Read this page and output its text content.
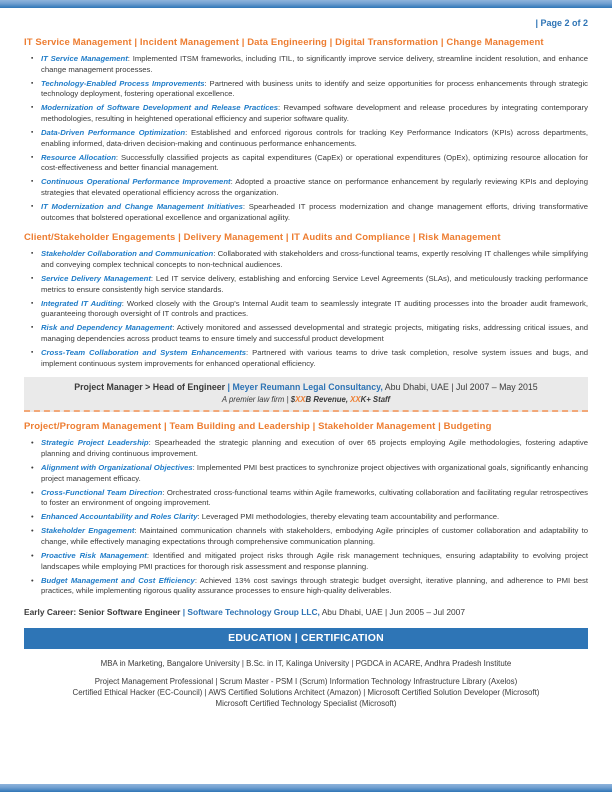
| Page 2 of 2
IT Service Management | Incident Management | Data Engineering | Digital Transformation | Change Management
▪ IT Service Management: Implemented ITSM frameworks, including ITIL, to significantly improve service delivery, streamline incident resolution, and enhance change management processes.
▪ Technology-Enabled Process Improvements: Partnered with business units to identify and seize opportunities for process enhancements through strategic technology deployment, fostering operational excellence.
▪ Modernization of Software Development and Release Practices: Revamped software development and release procedures by integrating contemporary methodologies, resulting in heightened operational efficiency and superior software quality.
▪ Data-Driven Performance Optimization: Established and enforced rigorous controls for tracking Key Performance Indicators (KPIs) across departments, enabling informed, data-driven decision-making and continuous performance enhancements.
▪ Resource Allocation: Successfully classified projects as capital expenditures (CapEx) or operational expenditures (OpEx), optimizing resource allocation for cost-effectiveness and better financial management.
▪ Continuous Operational Performance Improvement: Adopted a proactive stance on performance enhancement by regularly reviewing KPIs and deploying strategies that elevated operational efficiency across the organization.
▪ IT Modernization and Change Management Initiatives: Spearheaded IT process modernization and change management efforts, driving transformative outcomes that bolstered operational excellence and organizational agility.
Client/Stakeholder Engagements | Delivery Management | IT Audits and Compliance | Risk Management
▪ Stakeholder Collaboration and Communication: Collaborated with stakeholders and cross-functional teams, expertly resolving IT challenges while simplifying and conveying complex technical concepts to non-technical audiences.
▪ Service Delivery Management: Led IT service delivery, establishing and enforcing Service Level Agreements (SLAs), and meticulously tracking performance metrics to ensure consistently high service standards.
▪ Integrated IT Auditing: Worked closely with the Group's Internal Audit team to seamlessly integrate IT auditing processes into the broader audit framework, guaranteeing thorough oversight of IT controls and practices.
▪ Risk and Dependency Management: Actively monitored and assessed developmental and strategic projects, mitigating risks, addressing critical issues, and managing dependencies across product teams to ensure timely and successful product development
▪ Cross-Team Collaboration and System Enhancements: Partnered with various teams to drive task completion, resolve system issues and bugs, and implement continuous system improvements for enhanced operational efficiency.
Project Manager > Head of Engineer | Meyer Reumann Legal Consultancy, Abu Dhabi, UAE | Jul 2007 – May 2015
A premier law firm | $XXB Revenue, XXK+ Staff
Project/Program Management | Team Building and Leadership | Stakeholder Management | Budgeting
• Strategic Project Leadership: Spearheaded the strategic planning and execution of over 65 projects employing Agile methodologies, fostering adaptive planning and driving continuous improvement.
• Alignment with Organizational Objectives: Implemented PMI best practices to synchronize project objectives with organizational goals, significantly enhancing project management efficacy.
• Cross-Functional Team Direction: Orchestrated cross-functional teams within Agile frameworks, cultivating collaboration and facilitating regular retrospectives to foster an environment of ongoing improvement.
• Enhanced Accountability and Roles Clarity: Leveraged PMI methodologies, thereby elevating team accountability and performance.
• Stakeholder Engagement: Maintained communication channels with stakeholders, embodying Agile principles of customer collaboration and adaptability to change, while effectively managing expectations through comprehensive communication planning.
• Proactive Risk Management: Identified and mitigated project risks through Agile risk management techniques, ensuring adaptability to evolving project landscapes while employing PMI practices for thorough risk assessment and response planning.
• Budget Management and Cost Efficiency: Achieved 13% cost savings through strategic budget oversight, iterative planning, and adherence to PMI best practices, while implementing rigorous quality assurance processes to ensure high-quality deliverables.

Early Career: Senior Software Engineer | Software Technology Group LLC, Abu Dhabi, UAE | Jun 2005 – Jul 2007

EDUCATION | CERTIFICATION

MBA in Marketing, Bangalore University | B.Sc. in IT, Kalinga University | PGDCA in ACARE, Andhra Pradesh Institute

Project Management Professional | Scrum Master - PSM I (Scrum) Information Technology Infrastructure Library (Axelos)
Certified Ethical Hacker (EC-Council) | AWS Certified Solutions Architect (Amazon) | Microsoft Certified Solution Developer (Microsoft)
Microsoft Certified Technology Specialist (Microsoft)
